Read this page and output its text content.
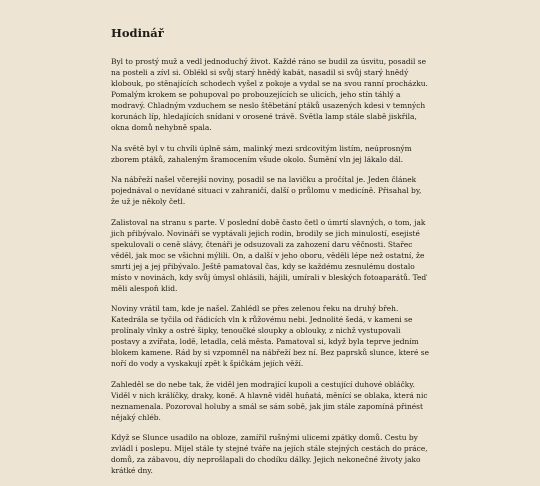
Hodinář

Byl to prostý muž a vedl jednoduchý život. Každé ráno se budil za úsvitu, posadil se na posteli a zívl si. Oblékl si svůj starý hnědý kabát, nasadil si svůj starý hnědý klobouk, po stěnajících schodech vyšel z pokoje a vydal se na svou ranní procházku. Pomalým krokem se pohupoval po probouzejících se ulicích, jeho stín táhlý a modravý. Chladným vzduchem se neslo štěbetání ptáků usazených kdesi v temných korunách líp, hledajících snídani v orosené trávě. Světla lamp stále slabě jiskřila, okna domů nehybně spala.

Na světě byl v tu chvíli úplně sám, malinký mezi srdcovitým listím, neúprosným zborem ptáků, zahaleným šramocením všude okolo. Šumění vln jej lákalo dál.

Na nábřeží našel včerejší noviny, posadil se na lavičku a pročítal je. Jeden článek pojednával o nevídané situaci v zahraničí, další o průlomu v medicíně. Přisahal by, že už je několy četl.

Zalistoval na stranu s parte. V poslední době často četl o úmrtí slavných, o tom, jak jich přibývalo. Novináři se vyptávali jejich rodin, brodily se jich minulostí, esejisté spekulovali o ceně slávy, čtenáři je odsuzovali za zahození daru věčnosti. Stařec věděl, jak moc se všichni mýlili. On, a další v jeho oboru, věděli lépe než ostatní, že smrti jej a jej přibývalo. Ještě pamatoval čas, kdy se každému zesnulému dostalo místo v novinách, kdy svůj úmysl ohlásili, hájili, umírali v bleských fotoaparátů. Teď měli alespoň klid.

Noviny vrátil tam, kde je našel. Zahlédl se přes zelenou řeku na druhý břeh. Katedrála se tyčila od řádicích vln k růžovému nebi. Jednolité šedá, v kameni se prolínaly vlnky a ostré šipky, tenoučké sloupky a oblouky, z nichž vystupovali postavy a zvířata, lodě, letadla, celá města. Pamatoval si, když byla teprve jedním blokem kamene. Rád by si vzpomněl na nábřeží bez ní. Bez paprsků slunce, které se noří do vody a vyskakují zpět k špičkám jejích věží.

Zahleděl se do nebe tak, že viděl jen modrající kupoli a cestující duhové obláčky. Viděl v nich králíčky, draky, koně. A hlavně viděl huňatá, měnící se oblaka, která nic neznamenala. Pozoroval holuby a smál se sám sobě, jak jim stále zapomíná přinést nějaký chléb.

Když se Slunce usadilo na obloze, zamířil rušnými ulicemi zpátky domů. Cestu by zvládl i poslepu. Mijel stále ty stejné tváře na jejích stále stejných cestách do práce, domů, za zábavou, díy neprošlapali do chodíku dálky. Jejich nekonečné životy jako krátké dny.
